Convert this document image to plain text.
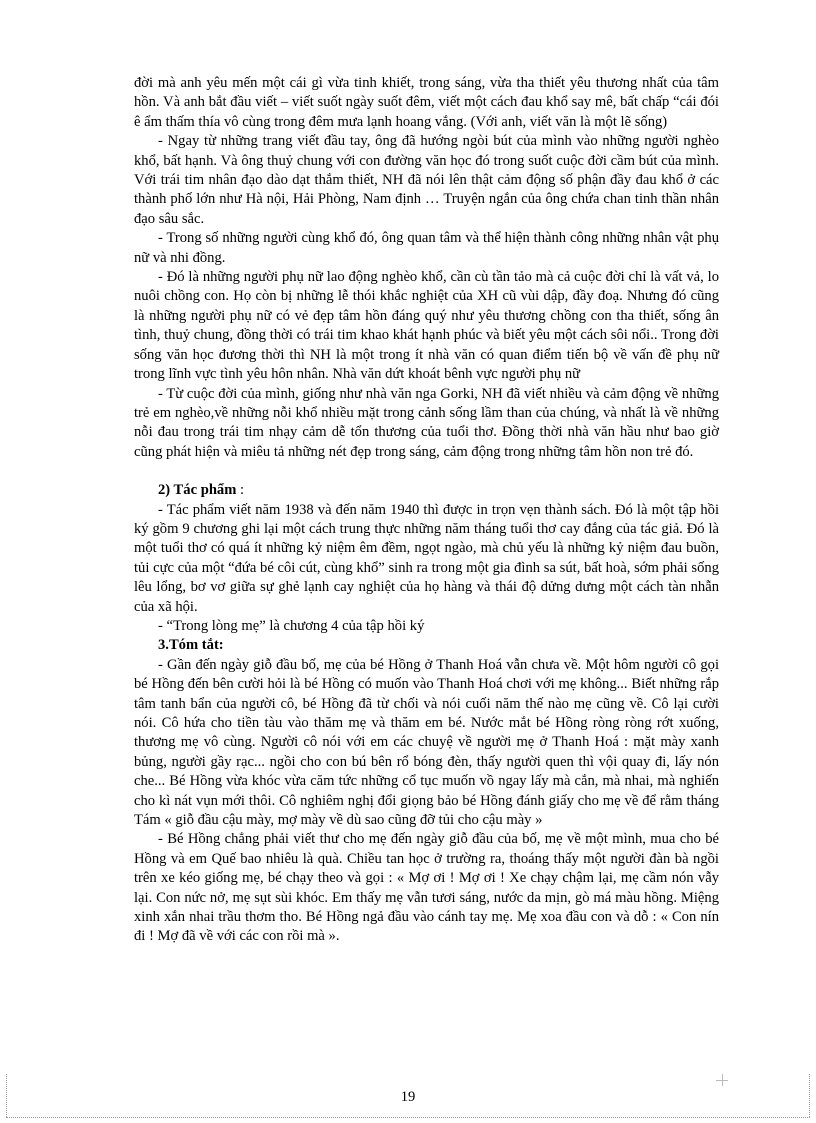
đời mà anh yêu mến một cái gì vừa tinh khiết, trong sáng, vừa tha thiết yêu thương nhất của tâm hồn. Và anh bắt đầu viết – viết suốt ngày suốt đêm, viết một cách đau khổ say mê, bất chấp “cái đói ê ẩm thấm thía vô cùng trong đêm mưa lạnh hoang vắng. (Với anh, viết văn là một lẽ sống)

- Ngay từ những trang viết đầu tay, ông đã hướng ngòi bút của mình vào những người nghèo khổ, bất hạnh. Và ông thuỷ chung với con đường văn học đó trong suốt cuộc đời cầm bút của mình. Với trái tim nhân đạo dào dạt thắm thiết, NH đã nói lên thật cảm động số phận đầy đau khổ ở các thành phố lớn như Hà nội, Hải Phòng, Nam định … Truyện ngắn của ông chứa chan tinh thần nhân đạo sâu sắc.

- Trong số những người cùng khổ đó, ông quan tâm và thể hiện thành công những nhân vật phụ nữ và nhi đồng.

- Đó là những người phụ nữ lao động nghèo khổ, cần cù tần tảo mà cả cuộc đời chỉ là vất vả, lo nuôi chồng con. Họ còn bị những lễ thói khắc nghiệt của XH cũ vùi dập, đầy đoạ. Nhưng đó cũng là những người phụ nữ có vẻ đẹp tâm hồn đáng quý như yêu thương chồng con tha thiết, sống ân tình, thuỷ chung, đồng thời có trái tim khao khát hạnh phúc và biết yêu một cách sôi nổi.. Trong đời sống văn học đương thời thì NH là một trong ít nhà văn có quan điểm tiến bộ về vấn đề phụ nữ trong lĩnh vực tình yêu hôn nhân. Nhà văn dứt khoát bênh vực người phụ nữ

- Từ cuộc đời của mình, giống như nhà văn nga Gorki, NH đã viết nhiều và cảm động về những trẻ em nghèo,về những nỗi khổ nhiều mặt trong cảnh sống lầm than của chúng, và nhất là về những nỗi đau trong trái tim nhạy cảm dễ tổn thương của tuổi thơ. Đồng thời nhà văn hầu như bao giờ cũng phát hiện và miêu tả những nét đẹp trong sáng, cảm động trong những tâm hồn non trẻ đó.

2) Tác phẩm :

- Tác phẩm viết năm 1938 và đến năm 1940 thì được in trọn vẹn thành sách. Đó là một tập hồi ký gồm 9 chương ghi lại một cách trung thực những năm tháng tuổi thơ cay đắng của tác giả. Đó là một tuổi thơ có quá ít những kỷ niệm êm đềm, ngọt ngào, mà chủ yếu là những kỷ niệm đau buồn, tủi cực của một “đứa bé côi cút, cùng khổ” sinh ra trong một gia đình sa sút, bất hoà, sớm phải sống lêu lổng, bơ vơ giữa sự ghẻ lạnh cay nghiệt của họ hàng và thái độ dửng dưng một cách tàn nhẫn của xã hội.

- “Trong lòng mẹ” là chương 4 của tập hồi ký

3.Tóm tắt:

- Gần đến ngày giỗ đầu bố, mẹ của bé Hồng ở Thanh Hoá vẫn chưa về. Một hôm người cô gọi bé Hồng đến bên cười hỏi là bé Hồng có muốn vào Thanh Hoá chơi với mẹ không... Biết những rắp tâm tanh bẩn của người cô, bé Hồng đã từ chối và nói cuối năm thế nào mẹ cũng về. Cô lại cười nói. Cô hứa cho tiền tàu vào thăm mẹ và thăm em bé. Nước mắt bé Hồng ròng ròng rớt xuống, thương mẹ vô cùng. Người cô nói với em các chuyệ về người mẹ ở Thanh Hoá : mặt mày xanh bủng, người gầy rạc... ngồi cho con bú bên rổ bóng đèn, thấy người quen thì vội quay đi, lấy nón che... Bé Hồng vừa khóc vừa căm tức những cổ tục muốn vồ ngay lấy mà cắn, mà nhai, mà nghiến cho kì nát vụn mới thôi. Cô nghiêm nghị đổi giọng bảo bé Hồng đánh giấy cho mẹ về để rằm tháng Tám « giỗ đầu cậu mày, mợ mày về dù sao cũng đỡ tủi cho cậu mày »

- Bé Hồng chẳng phải viết thư cho mẹ đến ngày giỗ đầu của bố, mẹ về một mình, mua cho bé Hồng và em Quế bao nhiêu là quà. Chiều tan học ở trường ra, thoáng thấy một người đàn bà ngồi trên xe kéo giống mẹ, bé chạy theo và gọi : « Mợ ơi ! Mợ ơi ! Xe chạy chậm lại, mẹ cầm nón vẫy lại. Con nức nở, mẹ sụt sùi khóc. Em thấy mẹ vẫn tươi sáng, nước da mịn, gò má màu hồng. Miệng xinh xắn nhai trầu thơm tho. Bé Hồng ngả đầu vào cánh tay mẹ. Mẹ xoa đầu con và dỗ : « Con nín đi ! Mợ đã về với các con rồi mà ».

19
